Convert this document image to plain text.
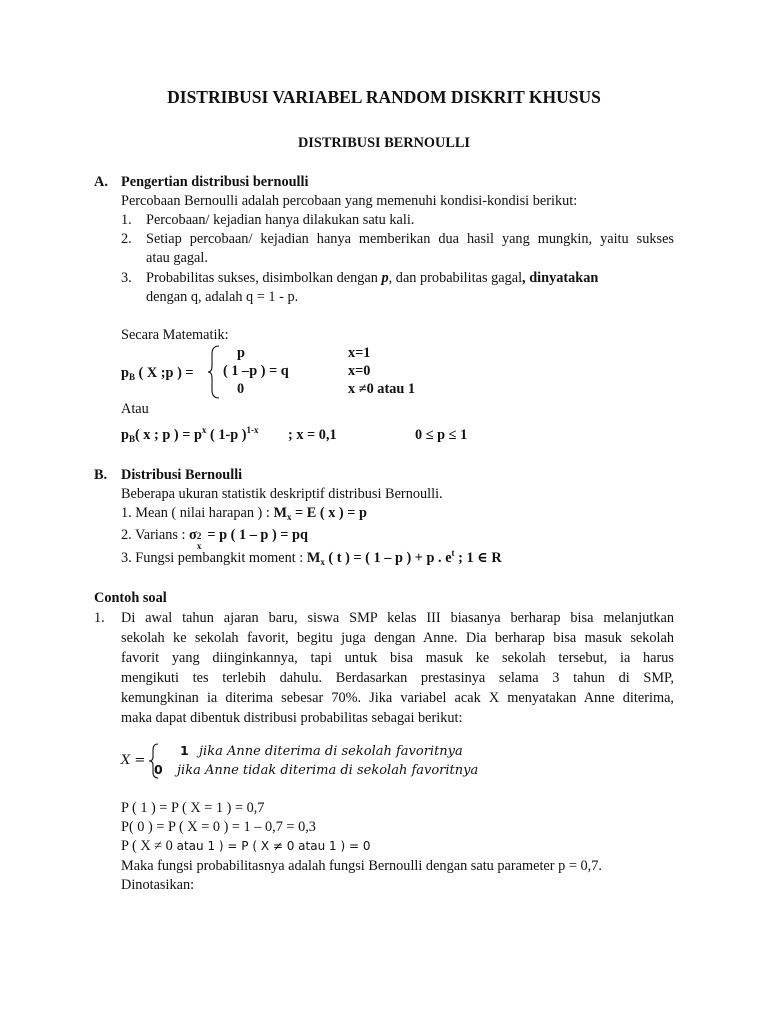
DISTRIBUSI VARIABEL RANDOM DISKRIT KHUSUS
DISTRIBUSI BERNOULLI
A. Pengertian distribusi bernoulli
Percobaan Bernoulli adalah percobaan yang memenuhi kondisi-kondisi berikut:
1. Percobaan/ kejadian hanya dilakukan satu kali.
2. Setiap percobaan/ kejadian hanya memberikan dua hasil yang mungkin, yaitu sukses
atau gagal.
3. Probabilitas sukses, disimbolkan dengan p, dan probabilitas gagal, dinyatakan
dengan q, adalah q = 1 - p.
Secara Matematik:
$p_B$ ( X ;p ) =
p	x=1
( 1 –p ) = q	x=0
0	x ≠0 atau 1
Atau
$p_B$( x ; p ) = $p^x$ ( 1-p )$^{1-x}$ ; x = 0,1	0 ≤ p ≤ 1
B. Distribusi Bernoulli
Beberapa ukuran statistik deskriptif distribusi Bernoulli.
1. Mean ( nilai harapan ) : $M_x = E$ ( x ) = p
2. Varians : σ 2
x
= p ( 1 – p ) = pq
3. Fungsi pembangkit moment : $M_x$ ( t ) = ( 1 – p ) + p . $e^t$ ; 1 ∈ R
Contoh soal
1. Di awal tahun ajaran baru, siswa SMP kelas III biasanya berharap bisa melanjutkan
sekolah ke sekolah favorit, begitu juga dengan Anne. Dia berharap bisa masuk sekolah
favorit yang diinginkannya, tapi untuk bisa masuk ke sekolah tersebut, ia harus
mengikuti tes terlebih dahulu. Berdasarkan prestasinya selama 3 tahun di SMP,
kemungkinan ia diterima sebesar 70%. Jika variabel acak X menyatakan Anne diterima,
maka dapat dibentuk distribusi probabilitas sebagai berikut:
X =
1 jika Anne diterima di sekolah favoritnya
0 jika Anne tidak diterima di sekolah favoritnya
P ( 1 ) = P ( X = 1 ) = 0,7
P( 0 ) = P ( X = 0 ) = 1 – 0,7 = 0,3
P ( X ≠ 0 atau 1 ) = P ( X ≠ 0 atau 1 ) = 0
Maka fungsi probabilitasnya adalah fungsi Bernoulli dengan satu parameter p = 0,7.
Dinotasikan:
